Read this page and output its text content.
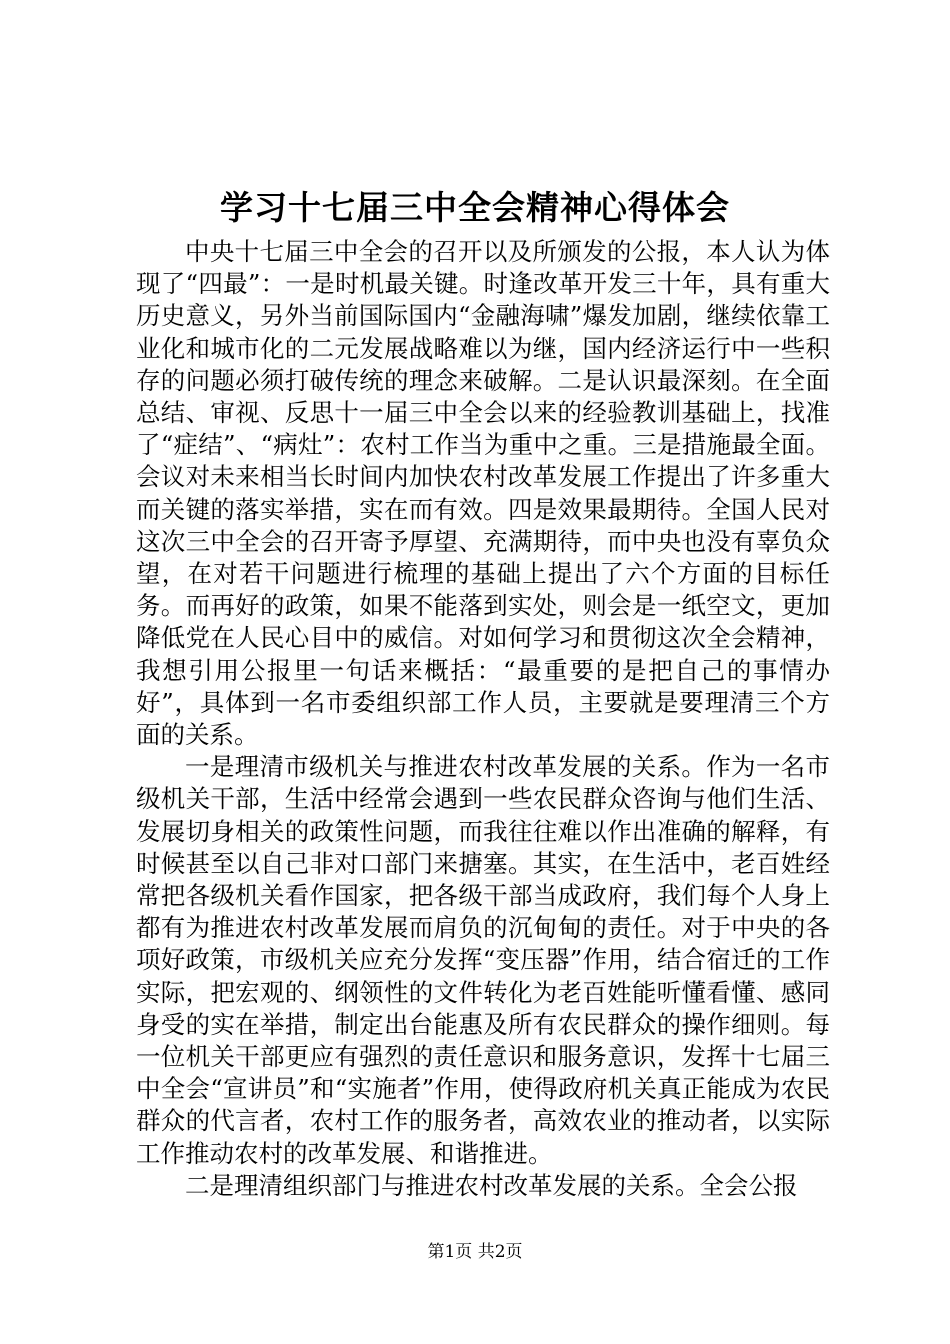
学习十七届三中全会精神心得体会

中央十七届三中全会的召开以及所颁发的公报，本人认为体现了“四最”：一是时机最关键。时逢改革开发三十年，具有重大历史意义，另外当前国际国内“金融海啸”爆发加剧，继续依靠工业化和城市化的二元发展战略难以为继，国内经济运行中一些积存的问题必须打破传统的理念来破解。二是认识最深刻。在全面总结、审视、反思十一届三中全会以来的经验教训基础上，找准了“症结”、“病灶”：农村工作当为重中之重。三是措施最全面。会议对未来相当长时间内加快农村改革发展工作提出了许多重大而关键的落实举措，实在而有效。四是效果最期待。全国人民对这次三中全会的召开寄予厚望、充满期待，而中央也没有辜负众望，在对若干问题进行梳理的基础上提出了六个方面的目标任务。而再好的政策，如果不能落到实处，则会是一纸空文，更加降低党在人民心目中的威信。对如何学习和贯彻这次全会精神，我想引用公报里一句话来概括：“最重要的是把自己的事情办好”，具体到一名市委组织部工作人员，主要就是要理清三个方面的关系。

一是理清市级机关与推进农村改革发展的关系。作为一名市级机关干部，生活中经常会遇到一些农民群众咨询与他们生活、发展切身相关的政策性问题，而我往往难以作出准确的解释，有时候甚至以自己非对口部门来搪塞。其实，在生活中，老百姓经常把各级机关看作国家，把各级干部当成政府，我们每个人身上都有为推进农村改革发展而肩负的沉甸甸的责任。对于中央的各项好政策，市级机关应充分发挥“变压器”作用，结合宿迁的工作实际，把宏观的、纲领性的文件转化为老百姓能听懂看懂、感同身受的实在举措，制定出台能惠及所有农民群众的操作细则。每一位机关干部更应有强烈的责任意识和服务意识，发挥十七届三中全会“宣讲员”和“实施者”作用，使得政府机关真正能成为农民群众的代言者，农村工作的服务者，高效农业的推动者，以实际工作推动农村的改革发展、和谐推进。

二是理清组织部门与推进农村改革发展的关系。全会公报

第1页 共2页
